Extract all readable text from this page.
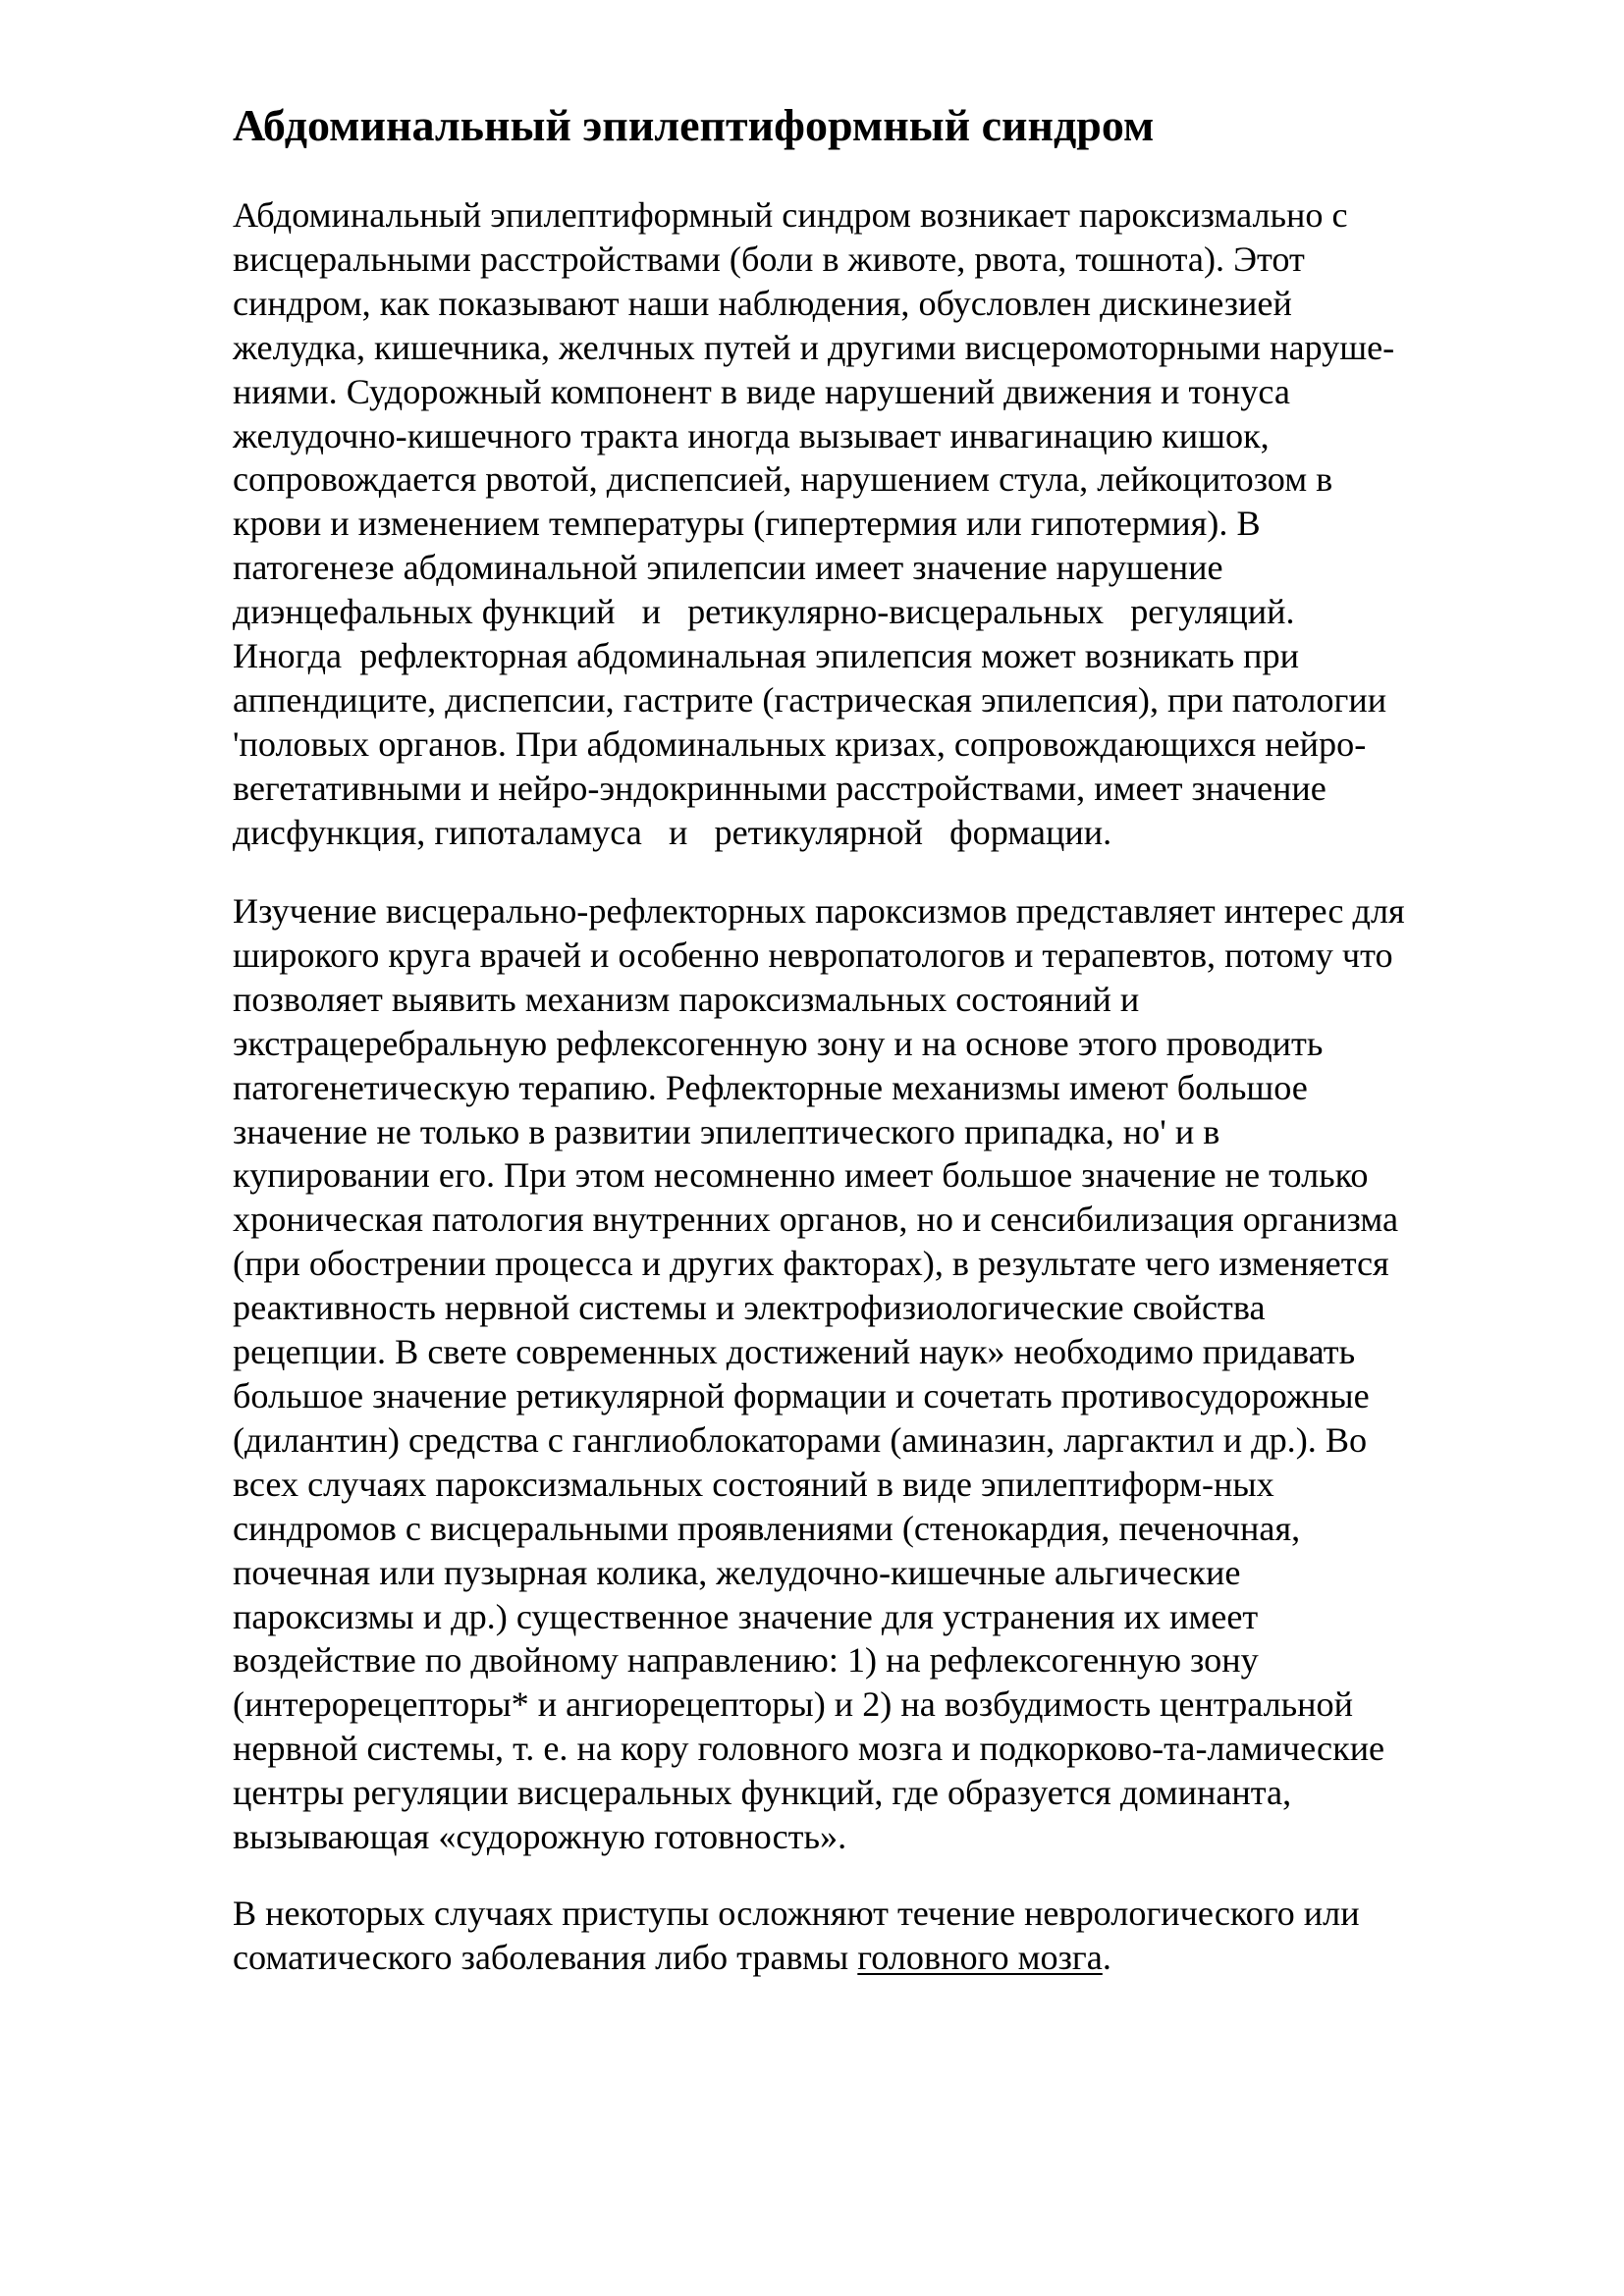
Абдоминальный эпилептиформный синдром
Абдоминальный эпилептиформный синдром возникает пароксизмально с
висцеральными расстройствами (боли в животе, рвота, тошнота). Этот
синдром, как показывают наши наблюдения, обусловлен дискинезией
желудка, кишечника, желчных путей и другими висцеромоторными наруше-
ниями. Судорожный компонент в виде нарушений движения и тонуса
желудочно-кишечного тракта иногда вызывает инвагинацию кишок,
сопровождается рвотой, диспепсией, нарушением стула, лейкоцитозом в
крови и изменением температуры (гипертермия или гипотермия). В
патогенезе абдоминальной эпилепсии имеет значение нарушение
диэнцефальных функций   и   ретикулярно-висцеральных   регуляций.
Иногда  рефлекторная абдоминальная эпилепсия может возникать при
аппендиците, диспепсии, гастрите (гастрическая эпилепсия), при патологии
'половых органов. При абдоминальных кризах, сопровождающихся нейро-
вегетативными и нейро-эндокринными расстройствами, имеет значение
дисфункция, гипоталамуса   и   ретикулярной   формации.
Изучение висцерально-рефлекторных пароксизмов представляет интерес для
широкого круга врачей и особенно невропатологов и терапевтов, потому что
позволяет выявить механизм пароксизмальных состояний и
экстрацеребральную рефлексогенную зону и на основе этого проводить
патогенетическую терапию. Рефлекторные механизмы имеют большое
значение не только в развитии эпилептического припадка, но' и в
купировании его. При этом несомненно имеет большое значение не только
хроническая патология внутренних органов, но и сенсибилизация организма
(при обострении процесса и других факторах), в результате чего изменяется
реактивность нервной системы и электрофизиологические свойства
рецепции. В свете современных достижений наук» необходимо придавать
большое значение ретикулярной формации и сочетать противосудорожные
(дилантин) средства с ганглиоблокаторами (аминазин, ларгактил и др.). Во
всех случаях пароксизмальных состояний в виде эпилептиформ-ных
синдромов с висцеральными проявлениями (стенокардия, печеночная,
почечная или пузырная колика, желудочно-кишечные альгические
пароксизмы и др.) существенное значение для устранения их имеет
воздействие по двойному направлению: 1) на рефлексогенную зону
(интерорецепторы* и ангиорецепторы) и 2) на возбудимость центральной
нервной системы, т. е. на кору головного мозга и подкорково-та-ламические
центры регуляции висцеральных функций, где образуется доминанта,
вызывающая «судорожную готовность».
В некоторых случаях приступы осложняют течение неврологического или
соматического заболевания либо травмы головного мозга.
